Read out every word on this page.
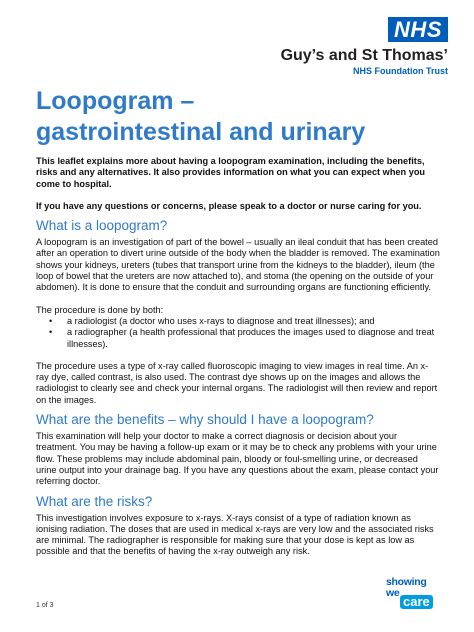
NHS
Guy’s and St Thomas’
NHS Foundation Trust
Loopogram –
gastrointestinal and urinary

This leaflet explains more about having a loopogram examination, including the benefits, risks and any alternatives. It also provides information on what you can expect when you come to hospital.

If you have any questions or concerns, please speak to a doctor or nurse caring for you.

What is a loopogram?

A loopogram is an investigation of part of the bowel – usually an ileal conduit that has been created after an operation to divert urine outside of the body when the bladder is removed. The examination shows your kidneys, ureters (tubes that transport urine from the kidneys to the bladder), ileum (the loop of bowel that the ureters are now attached to), and stoma (the opening on the outside of your abdomen). It is done to ensure that the conduit and surrounding organs are functioning efficiently.

The procedure is done by both:

• a radiologist (a doctor who uses x-rays to diagnose and treat illnesses); and
• a radiographer (a health professional that produces the images used to diagnose and treat illnesses).

The procedure uses a type of x-ray called fluoroscopic imaging to view images in real time. An x-ray dye, called contrast, is also used. The contrast dye shows up on the images and allows the radiologist to clearly see and check your internal organs. The radiologist will then review and report on the images.

What are the benefits – why should I have a loopogram?

This examination will help your doctor to make a correct diagnosis or decision about your treatment. You may be having a follow-up exam or it may be to check any problems with your urine flow. These problems may include abdominal pain, bloody or foul-smelling urine, or decreased urine output into your drainage bag. If you have any questions about the exam, please contact your referring doctor.

What are the risks?

This investigation involves exposure to x-rays. X-rays consist of a type of radiation known as ionising radiation. The doses that are used in medical x-rays are very low and the associated risks are minimal. The radiographer is responsible for making sure that your dose is kept as low as possible and that the benefits of having the x-ray outweigh any risk.

1 of 3
showing
we
care
